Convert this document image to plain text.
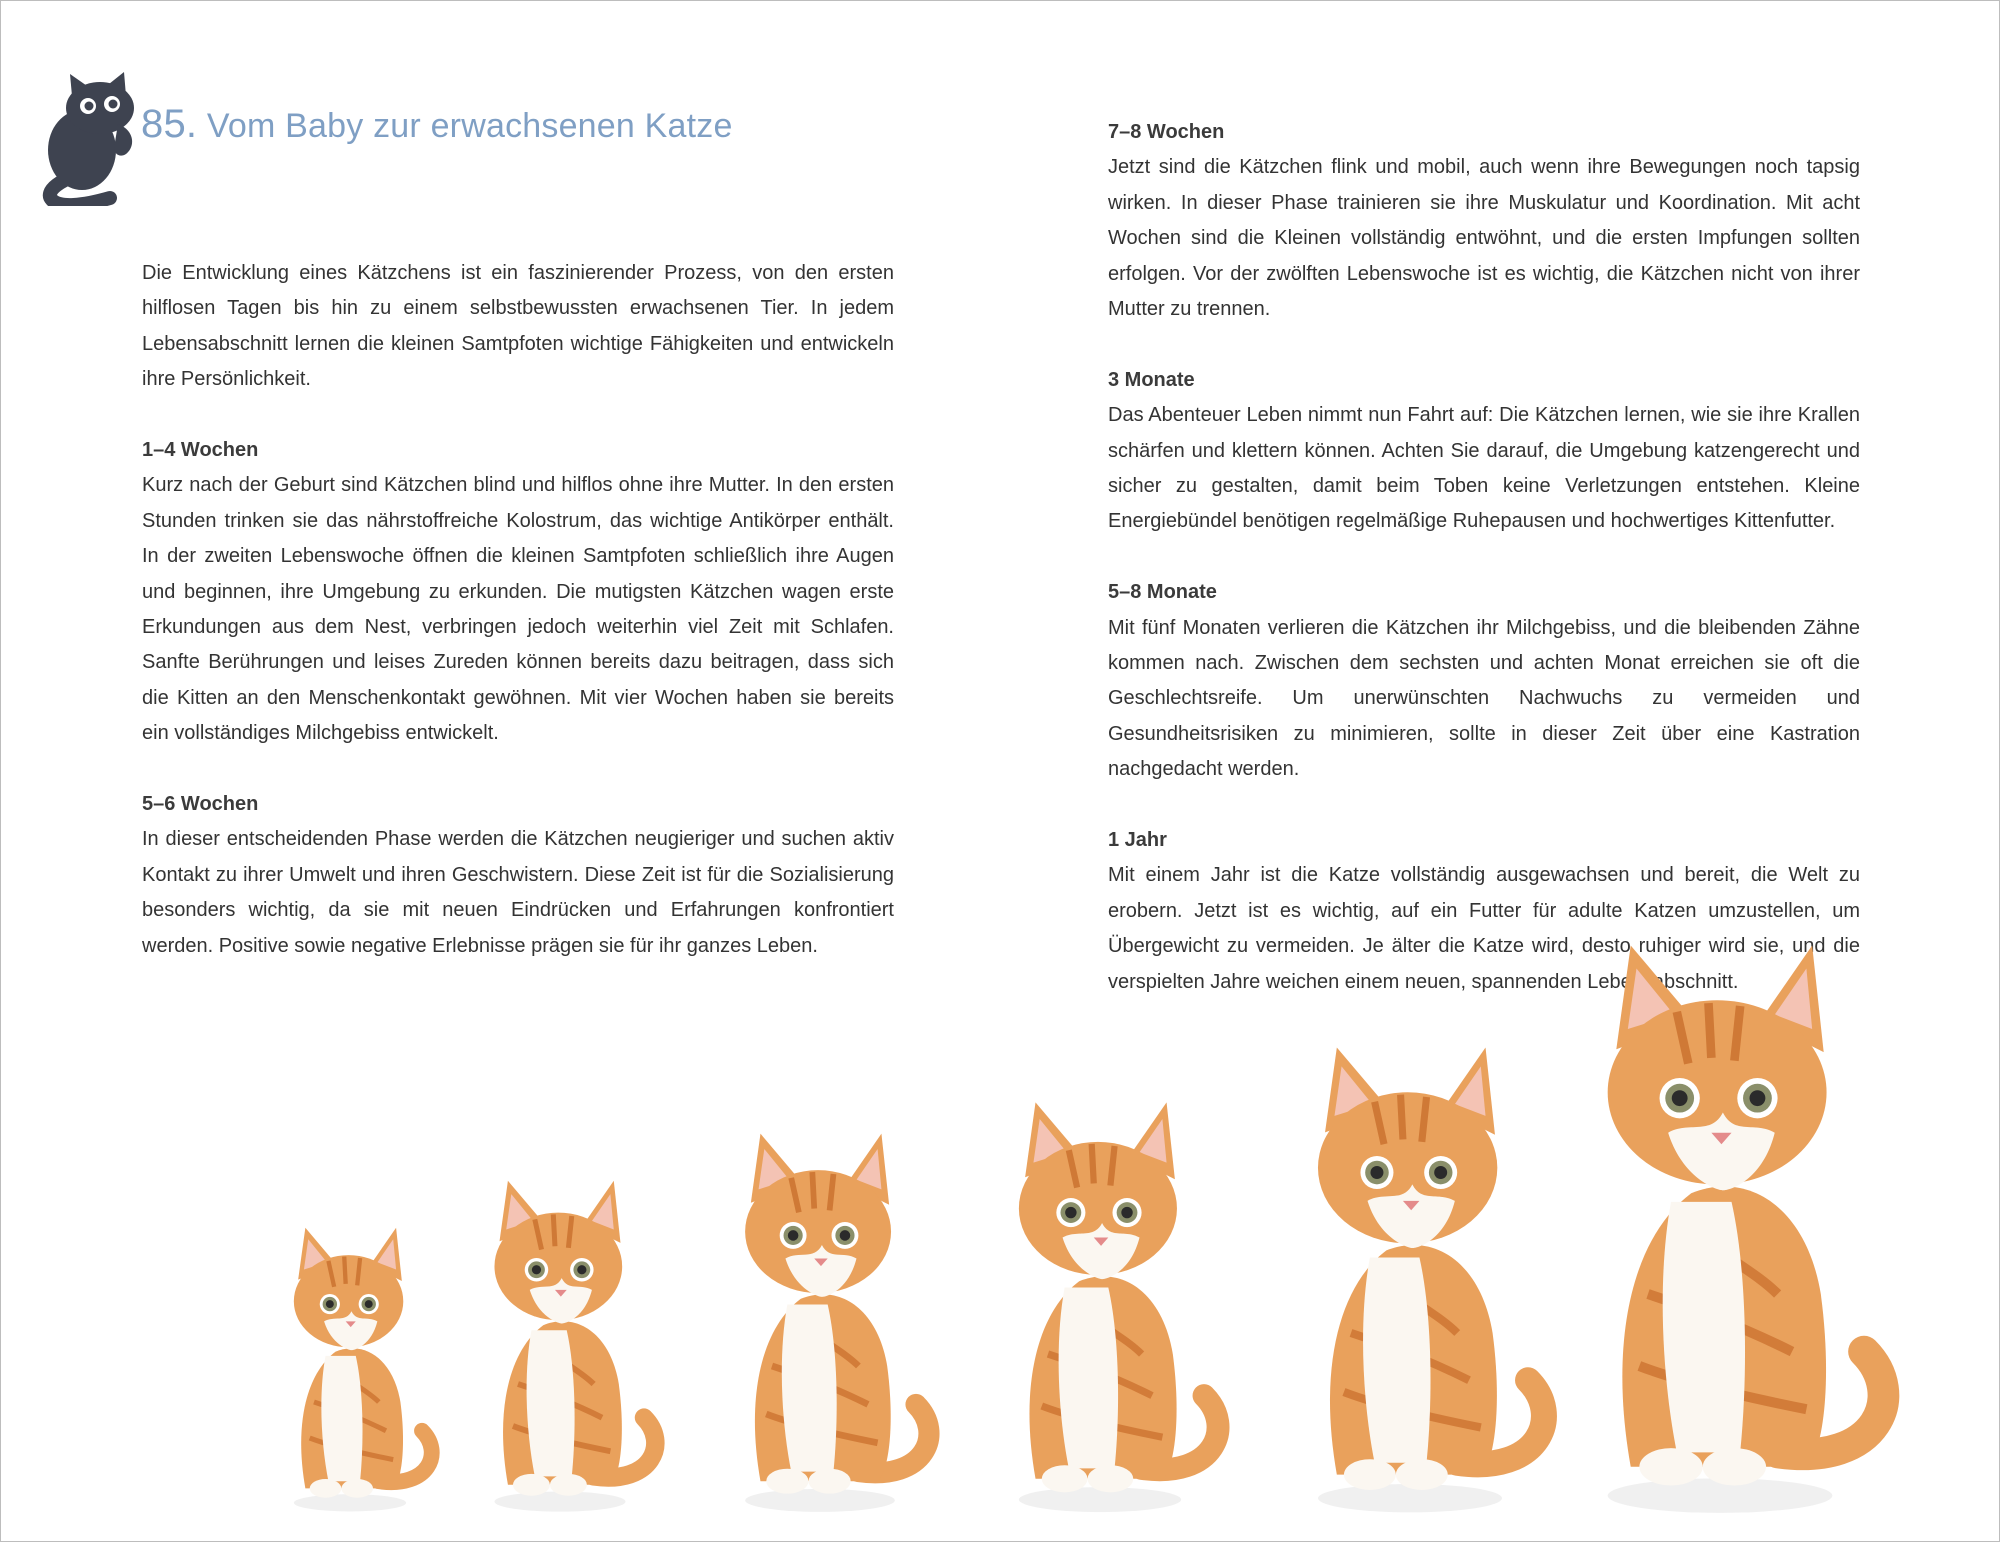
85. Vom Baby zur erwachsenen Katze

Die Entwicklung eines Kätzchens ist ein faszinierender Prozess, von den ersten hilflosen Tagen bis hin zu einem selbstbewussten erwachsenen Tier. In jedem Lebensabschnitt lernen die kleinen Samtpfoten wichtige Fähigkeiten und entwickeln ihre Persönlichkeit.

1–4 Wochen

Kurz nach der Geburt sind Kätzchen blind und hilflos ohne ihre Mutter. In den ersten Stunden trinken sie das nährstoffreiche Kolostrum, das wichtige Antikörper enthält. In der zweiten Lebenswoche öffnen die kleinen Samtpfoten schließlich ihre Augen und beginnen, ihre Umgebung zu erkunden. Die mutigsten Kätzchen wagen erste Erkundungen aus dem Nest, verbringen jedoch weiterhin viel Zeit mit Schlafen. Sanfte Berührungen und leises Zureden können bereits dazu beitragen, dass sich die Kitten an den Menschenkontakt gewöhnen. Mit vier Wochen haben sie bereits ein vollständiges Milchgebiss entwickelt.

5–6 Wochen

In dieser entscheidenden Phase werden die Kätzchen neugieriger und suchen aktiv Kontakt zu ihrer Umwelt und ihren Geschwistern. Diese Zeit ist für die Sozialisierung besonders wichtig, da sie mit neuen Eindrücken und Erfahrungen konfrontiert werden. Positive sowie negative Erlebnisse prägen sie für ihr ganzes Leben.

7–8 Wochen

Jetzt sind die Kätzchen flink und mobil, auch wenn ihre Bewegungen noch tapsig wirken. In dieser Phase trainieren sie ihre Muskulatur und Koordination. Mit acht Wochen sind die Kleinen vollständig entwöhnt, und die ersten Impfungen sollten erfolgen. Vor der zwölften Lebenswoche ist es wichtig, die Kätzchen nicht von ihrer Mutter zu trennen.

3 Monate

Das Abenteuer Leben nimmt nun Fahrt auf: Die Kätzchen lernen, wie sie ihre Krallen schärfen und klettern können. Achten Sie darauf, die Umgebung katzengerecht und sicher zu gestalten, damit beim Toben keine Verletzungen entstehen. Kleine Energiebündel benötigen regelmäßige Ruhepausen und hochwertiges Kittenfutter.

5–8 Monate

Mit fünf Monaten verlieren die Kätzchen ihr Milchgebiss, und die bleibenden Zähne kommen nach. Zwischen dem sechsten und achten Monat erreichen sie oft die Geschlechtsreife. Um unerwünschten Nachwuchs zu vermeiden und Gesundheitsrisiken zu minimieren, sollte in dieser Zeit über eine Kastration nachgedacht werden.

1 Jahr

Mit einem Jahr ist die Katze vollständig ausgewachsen und bereit, die Welt zu erobern. Jetzt ist es wichtig, auf ein Futter für adulte Katzen umzustellen, um Übergewicht zu vermeiden. Je älter die Katze wird, desto ruhiger wird sie, und die verspielten Jahre weichen einem neuen, spannenden Lebensabschnitt.
